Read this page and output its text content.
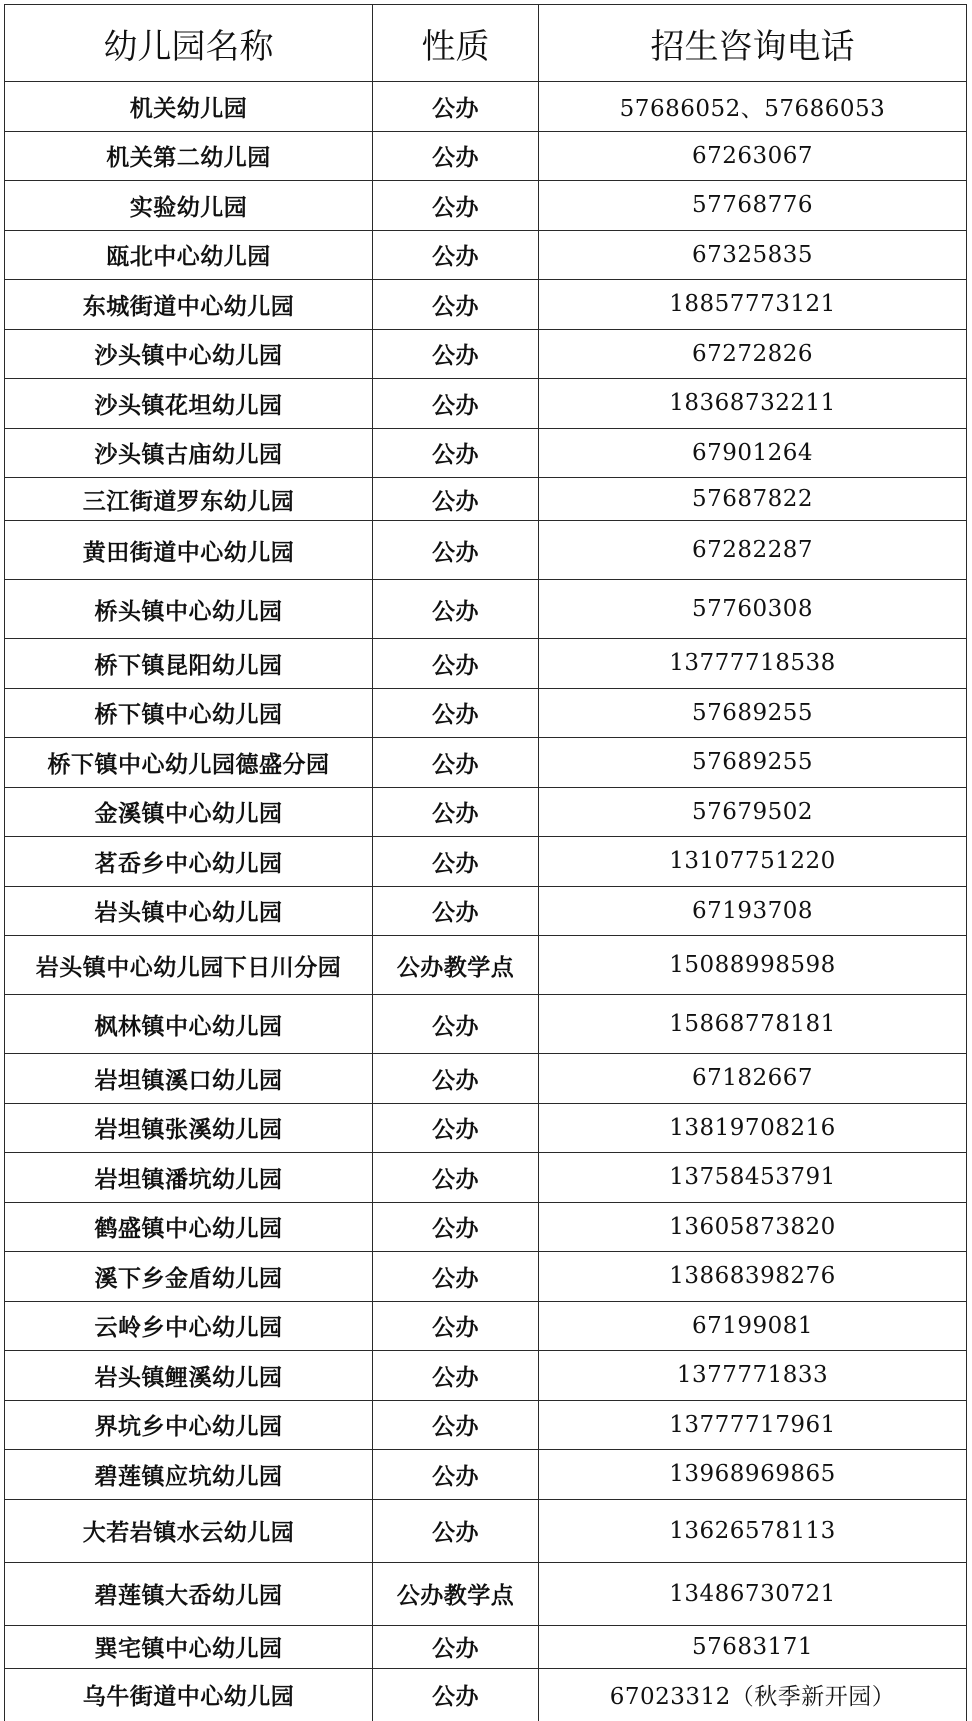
幼儿园名称	性质	招生咨询电话
机关幼儿园	公办	57686052、57686053
机关第二幼儿园	公办	67263067
实验幼儿园	公办	57768776
瓯北中心幼儿园	公办	67325835
东城街道中心幼儿园	公办	18857773121
沙头镇中心幼儿园	公办	67272826
沙头镇花坦幼儿园	公办	18368732211
沙头镇古庙幼儿园	公办	67901264
三江街道罗东幼儿园	公办	57687822
黄田街道中心幼儿园	公办	67282287
桥头镇中心幼儿园	公办	57760308
桥下镇昆阳幼儿园	公办	13777718538
桥下镇中心幼儿园	公办	57689255
桥下镇中心幼儿园德盛分园	公办	57689255
金溪镇中心幼儿园	公办	57679502
茗岙乡中心幼儿园	公办	13107751220
岩头镇中心幼儿园	公办	67193708
岩头镇中心幼儿园下日川分园	公办教学点	15088998598
枫林镇中心幼儿园	公办	15868778181
岩坦镇溪口幼儿园	公办	67182667
岩坦镇张溪幼儿园	公办	13819708216
岩坦镇潘坑幼儿园	公办	13758453791
鹤盛镇中心幼儿园	公办	13605873820
溪下乡金盾幼儿园	公办	13868398276
云岭乡中心幼儿园	公办	67199081
岩头镇鲤溪幼儿园	公办	1377771833
界坑乡中心幼儿园	公办	13777717961
碧莲镇应坑幼儿园	公办	13968969865
大若岩镇水云幼儿园	公办	13626578113
碧莲镇大岙幼儿园	公办教学点	13486730721
巽宅镇中心幼儿园	公办	57683171
乌牛街道中心幼儿园	公办	67023312（秋季新开园）
